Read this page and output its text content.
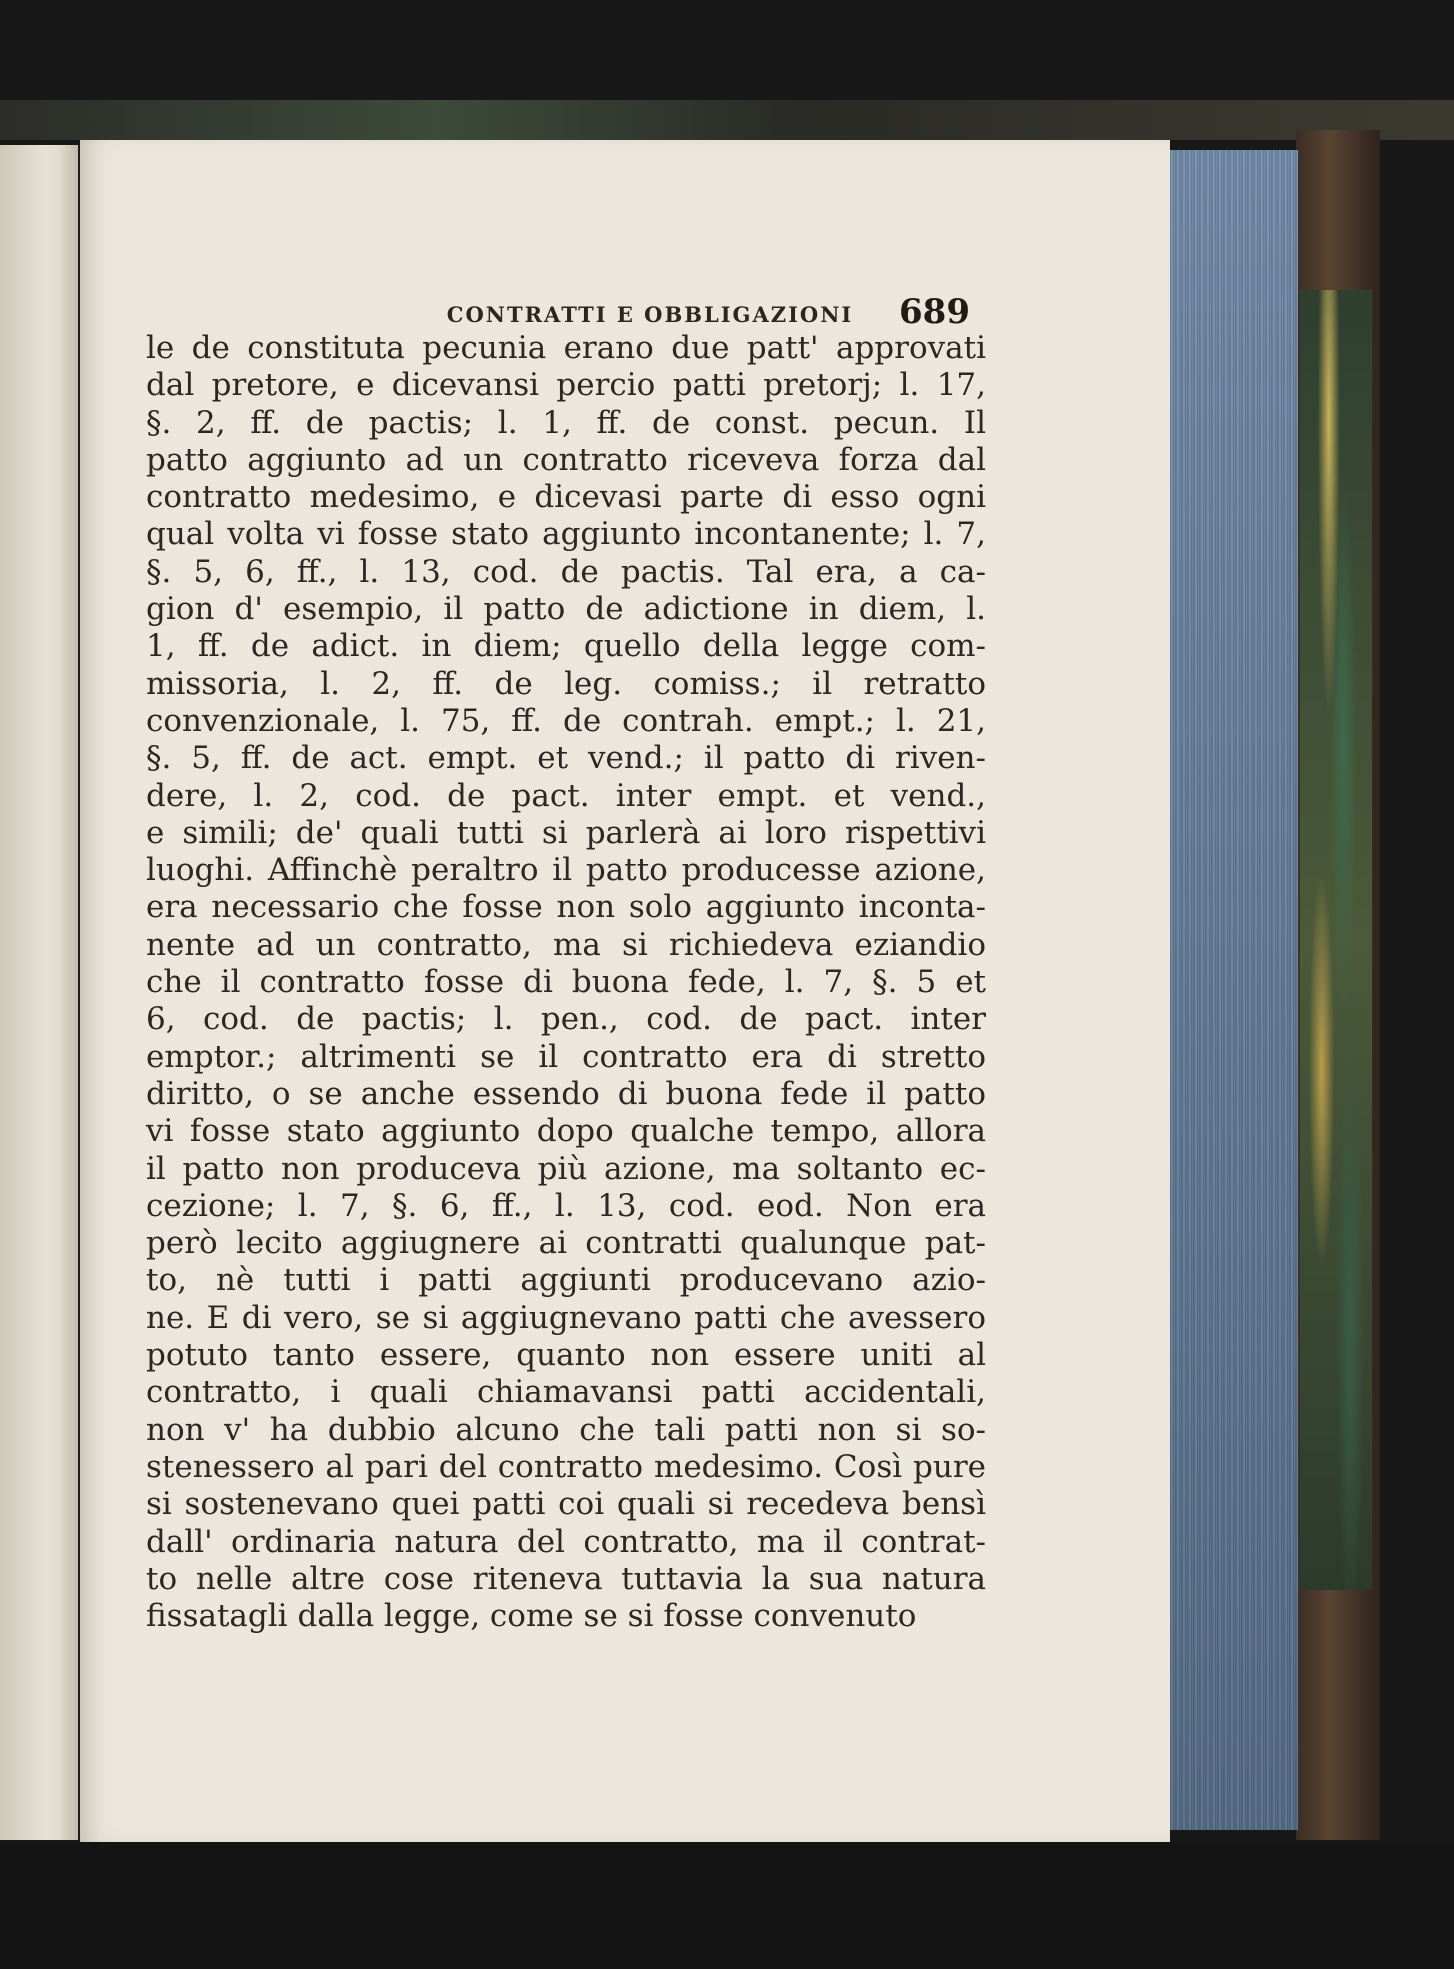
CONTRATTI E OBBLIGAZIONI	689
le de constituta pecunia erano due patt' approvati
dal pretore, e dicevansi percio patti pretorj; l. 17,
§. 2, ff. de pactis; l. 1, ff. de const. pecun. Il
patto aggiunto ad un contratto riceveva forza dal
contratto medesimo, e dicevasi parte di esso ogni
qual volta vi fosse stato aggiunto incontanente; l. 7,
§. 5, 6, ff., l. 13, cod. de pactis. Tal era, a ca-
gion d' esempio, il patto de adictione in diem, l.
1, ff. de adict. in diem; quello della legge com-
missoria, l. 2, ff. de leg. comiss.; il retratto
convenzionale, l. 75, ff. de contrah. empt.; l. 21,
§. 5, ff. de act. empt. et vend.; il patto di riven-
dere, l. 2, cod. de pact. inter empt. et vend.,
e simili; de' quali tutti si parlerà ai loro rispettivi
luoghi. Affinchè peraltro il patto producesse azione,
era necessario che fosse non solo aggiunto inconta-
nente ad un contratto, ma si richiedeva eziandio
che il contratto fosse di buona fede, l. 7, §. 5 et
6, cod. de pactis; l. pen., cod. de pact. inter
emptor.; altrimenti se il contratto era di stretto
diritto, o se anche essendo di buona fede il patto
vi fosse stato aggiunto dopo qualche tempo, allora
il patto non produceva più azione, ma soltanto ec-
cezione; l. 7, §. 6, ff., l. 13, cod. eod. Non era
però lecito aggiugnere ai contratti qualunque pat-
to, nè tutti i patti aggiunti producevano azio-
ne. E di vero, se si aggiugnevano patti che avessero
potuto tanto essere, quanto non essere uniti al
contratto, i quali chiamavansi patti accidentali,
non v' ha dubbio alcuno che tali patti non si so-
stenessero al pari del contratto medesimo. Così pure
si sostenevano quei patti coi quali si recedeva bensì
dall' ordinaria natura del contratto, ma il contrat-
to nelle altre cose riteneva tuttavia la sua natura
fissatagli dalla legge, come se si fosse convenuto
